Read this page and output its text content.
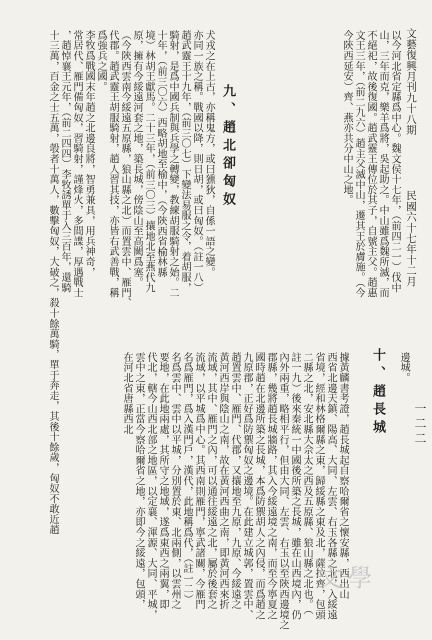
文藝復興月刊九十八期
民國六十七年十二月
以今河北省定縣爲中心。魏文侯十七年，（前四二一）伐中
山，三年而克，樂羊爲將，吳起助之。中山雖爲魏所滅，而
不絕祀，故後復國。趙武靈王傳位於其子，自號主父。趙惠
文王三年，（前二九六）趙主父滅中山，遷其王於膚施。（今
今陝西延安）齊、燕亦共分中山之地。
九、趙北卻匈奴
犬戎之在上古，亦稱鬼方，或曰獯狄，自係一語之變。
亦同一族之稱。戰國以降，則日胡，或曰匈奴。（註一八）
趙武靈王十九年，（前三〇七）下變法易服之令，着胡服，
騎射，是爲中國兵制與兵學之轉變，教練胡服騎射之始。二
十年，（前三〇六）西略胡地至榆中，（今陝西省榆林縣
境）林胡王獻馬。二十三年，（前三〇三）攘地北至燕代九
原，擁有今綏遠河套之地，築長城，傍陰山至高闕爲塞。
（今陝西雲南今綏遠五原縣，狼山縣之北）而置雲中、雁門、
代郡。趙武靈王胡服騎射，趙人習其技，亦皆右武善戰，稱
爲強兵之國。
李牧爲戰國末年趙之北邊良將，智勇兼具，用兵神奇，
常居代、雁門備匈奴，習騎射，謹烽火，多間諜，厚遇戰士
，趙悼襄王元年，（前二四四）李牧誘單于入三百年，還騎
十三萬，百金之士五萬，彀者十萬人，數擊匈奴，大破之，殺十餘萬騎，單于奔走，其後十餘歲，匈奴不敢近趙	邊城。
十、趙長城
據黃麟書考證，趙長城起自察哈爾省之懷安縣，西出山
西省北邊天鎮、陽高、大同、左雲、右玉各縣之北，入綏遠
省境，經和林格爾縣之東，歸綏縣之東及北，薩拉齊，包頭
二縣之北，安北縣大佘太之西及五原縣、狼山縣之北也。（
註一九）後來秦統一中國後所築之長城，雖在山西境內，仍
內外兩重，略相平行，但由大同、左雲、右玉以至陝西邊境之
郡縣，幾將趙長城牆路，其入今綏遠境之南，而至今寧夏之
國時趙在北邊所築之長城，本爲防禦胡人之內侵，而爲趙之
九原郡，正好爲防禦匈奴之邊境。在此建立城郭，置雲中、
趙置雲中、雁門、代郡，又攘地至九原，九原、今綏遠之
黃河西岸與陰山之南，故在黃河西曲之南，即黃河西來折
流域，其中、雁門之內，可以通往綏遠之北，屬於後套之
流域，以平城爲中心。其西南則雁門，寧武諸關，今雁門
名爲雁門，爲入漢門戶，漢代，此地稱爲代，（註一二）
名爲雲中、雲中以平城，分別置於東、北兩側，以雲州之
要地，在此地兩處，其所守之地域，遂爲東西之兩翼，即
代北，轄今山西北部之地區，以定襄、渾源、大同、平城，
雲中之東，正當今察哈爾省之地，亦即今之綏遠，包頭，
在河北省唐縣西北	一二二
文學
